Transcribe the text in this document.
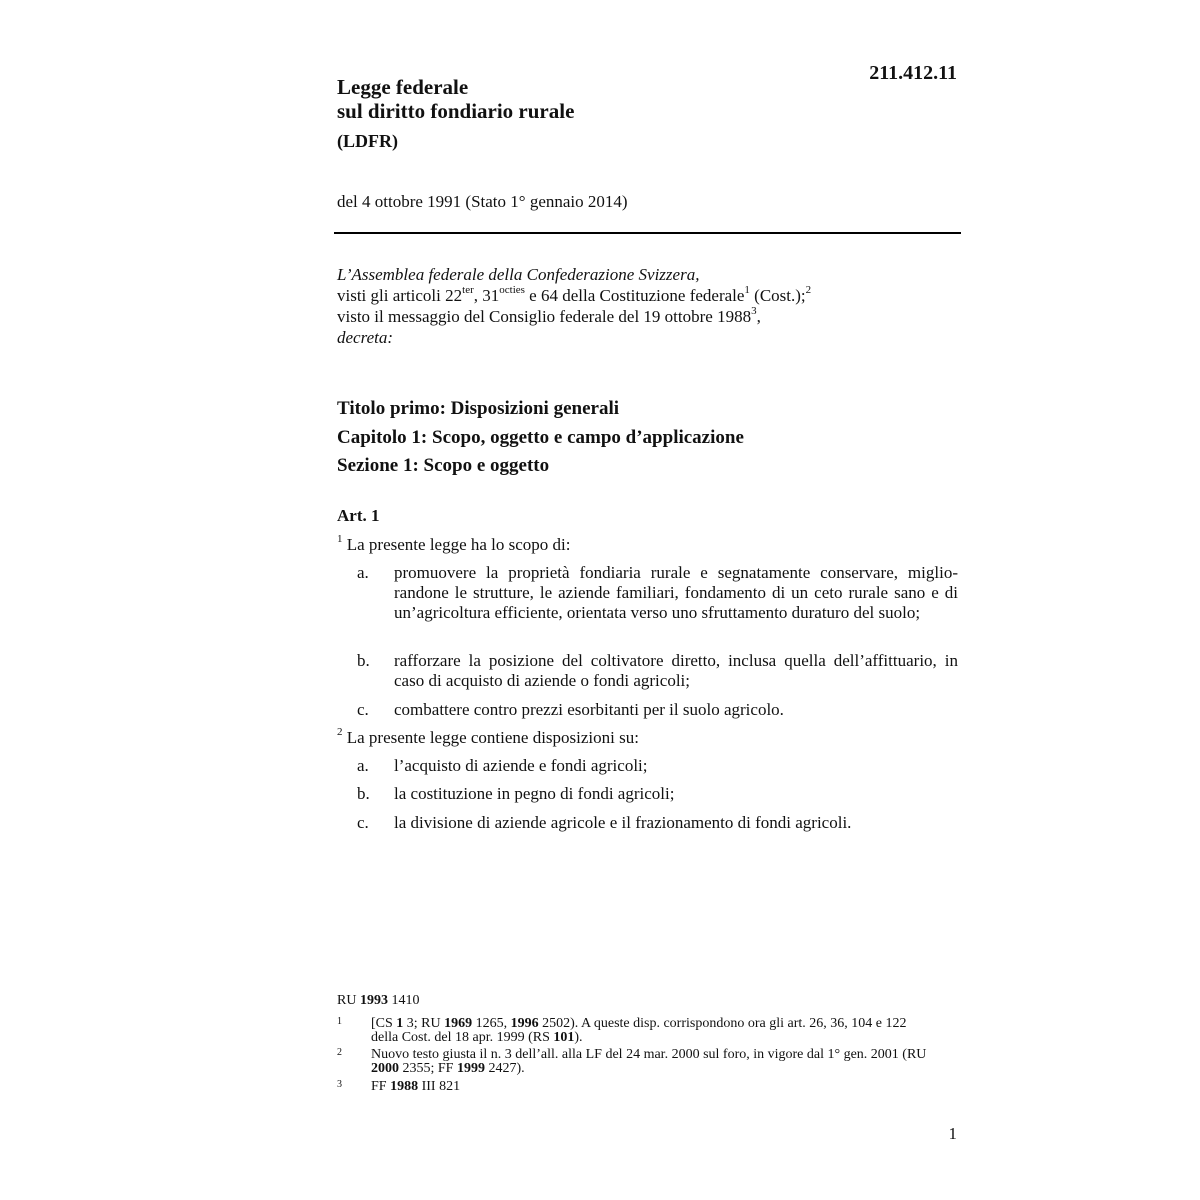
211.412.11
Legge federale
sul diritto fondiario rurale
(LDFR)
del 4 ottobre 1991 (Stato 1° gennaio 2014)
L’Assemblea federale della Confederazione Svizzera,
visti gli articoli $22^{ter}$, $31^{octies}$ e 64 della Costituzione federale$^1$ (Cost.);$^2$
visto il messaggio del Consiglio federale del 19 ottobre 1988$^3$,
decreta:
Titolo primo: Disposizioni generali
Capitolo 1: Scopo, oggetto e campo d’applicazione
Sezione 1: Scopo e oggetto
Art. 1
$^1$ La presente legge ha lo scopo di:
a. promuovere la proprietà fondiaria rurale e segnatamente conservare, migliorandone le strutture, le aziende familiari, fondamento di un ceto rurale sano e di un’agricoltura efficiente, orientata verso uno sfruttamento duraturo del suolo;
b. rafforzare la posizione del coltivatore diretto, inclusa quella dell’affittuario, in caso di acquisto di aziende o fondi agricoli;
c. combattere contro prezzi esorbitanti per il suolo agricolo.
$^2$ La presente legge contiene disposizioni su:
a. l’acquisto di aziende e fondi agricoli;
b. la costituzione in pegno di fondi agricoli;
c. la divisione di aziende agricole e il frazionamento di fondi agricoli.
RU 1993 1410
1 [CS 1 3; RU 1969 1265, 1996 2502). A queste disp. corrispondono ora gli art. 26, 36, 104 e 122 della Cost. del 18 apr. 1999 (RS 101).
2 Nuovo testo giusta il n. 3 dell’all. alla LF del 24 mar. 2000 sul foro, in vigore dal 1° gen. 2001 (RU 2000 2355; FF 1999 2427).
3 FF 1988 III 821
1
